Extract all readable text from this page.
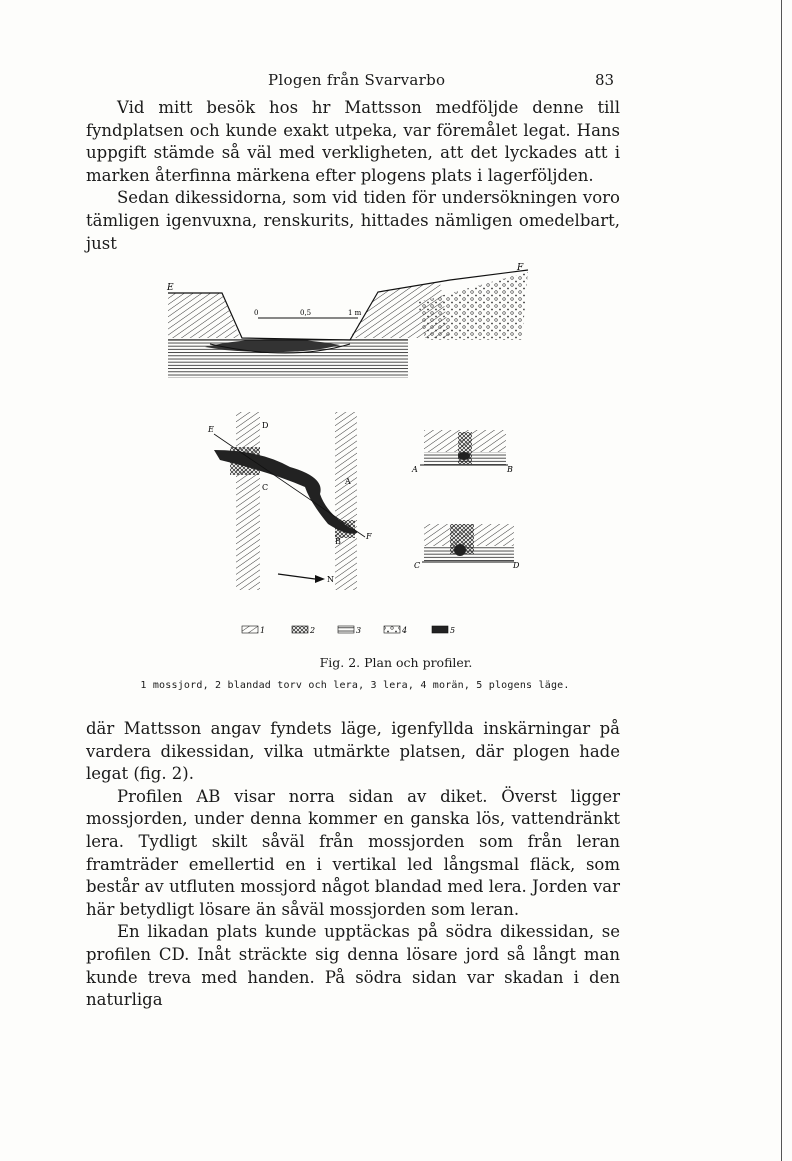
Plogen från Svarvarbo	83

Vid mitt besök hos hr Mattsson medföljde denne till fyndplatsen och kunde exakt utpeka, var föremålet legat. Hans uppgift stämde så väl med verkligheten, att det lyckades att i marken återfinna märkena efter plogens plats i lagerföljden.

Sedan dikessidorna, som vid tiden för undersökningen voro tämligen igenvuxna, renskurits, hittades nämligen omedelbart, just

0	0,5	1 m
E
F
E
F
D
C
A
B
N
A	B
C	D
1	2	3	4	5
Fig. 2. Plan och profiler.
1 mossjord, 2 blandad torv och lera, 3 lera, 4 morän, 5 plogens läge.

där Mattsson angav fyndets läge, igenfyllda inskärningar på vardera dikessidan, vilka utmärkte platsen, där plogen hade legat (fig. 2).

Profilen AB visar norra sidan av diket. Överst ligger mossjorden, under denna kommer en ganska lös, vattendränkt lera. Tydligt skilt såväl från mossjorden som från leran framträder emellertid en i vertikal led långsmal fläck, som består av utfluten mossjord något blandad med lera. Jorden var här betydligt lösare än såväl mossjorden som leran.

En likadan plats kunde upptäckas på södra dikessidan, se profilen CD. Inåt sträckte sig denna lösare jord så långt man kunde treva med handen. På södra sidan var skadan i den naturliga
